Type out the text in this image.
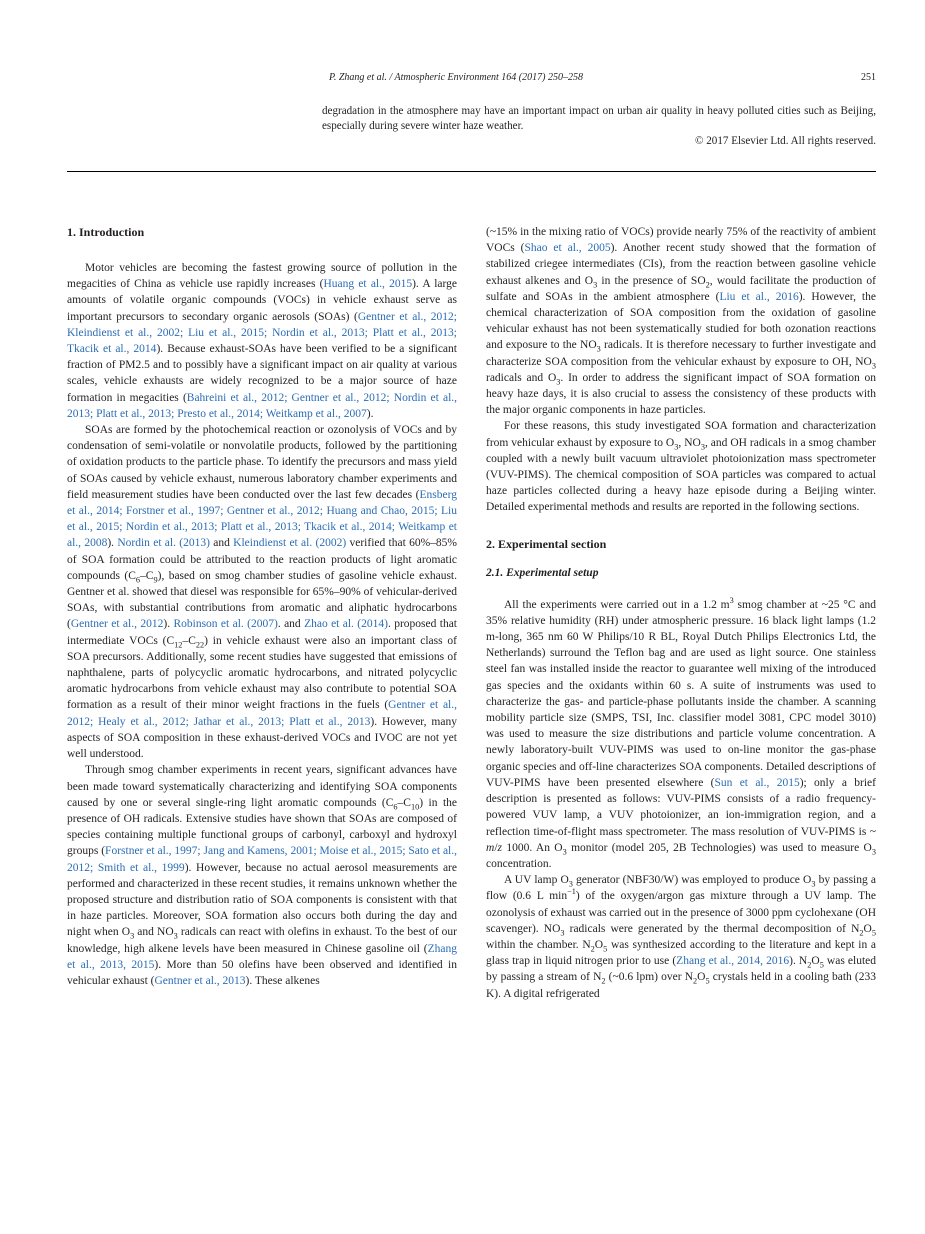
P. Zhang et al. / Atmospheric Environment 164 (2017) 250–258	251
degradation in the atmosphere may have an important impact on urban air quality in heavy polluted cities such as Beijing, especially during severe winter haze weather.
© 2017 Elsevier Ltd. All rights reserved.
1. Introduction

Motor vehicles are becoming the fastest growing source of pollution in the megacities of China as vehicle use rapidly increases (Huang et al., 2015). A large amounts of volatile organic compounds (VOCs) in vehicle exhaust serve as important precursors to secondary organic aerosols (SOAs) (Gentner et al., 2012; Kleindienst et al., 2002; Liu et al., 2015; Nordin et al., 2013; Platt et al., 2013; Tkacik et al., 2014). Because exhaust-SOAs have been verified to be a significant fraction of PM2.5 and to possibly have a significant impact on air quality at various scales, vehicle exhausts are widely recognized to be a major source of haze formation in megacities (Bahreini et al., 2012; Gentner et al., 2012; Nordin et al., 2013; Platt et al., 2013; Presto et al., 2014; Weitkamp et al., 2007).

SOAs are formed by the photochemical reaction or ozonolysis of VOCs and by condensation of semi-volatile or nonvolatile products, followed by the partitioning of oxidation products to the particle phase. To identify the precursors and mass yield of SOAs caused by vehicle exhaust, numerous laboratory chamber experiments and field measurement studies have been conducted over the last few decades (Ensberg et al., 2014; Forstner et al., 1997; Gentner et al., 2012; Huang and Chao, 2015; Liu et al., 2015; Nordin et al., 2013; Platt et al., 2013; Tkacik et al., 2014; Weitkamp et al., 2008). Nordin et al. (2013) and Kleindienst et al. (2002) verified that 60%–85% of SOA formation could be attributed to the reaction products of light aromatic compounds $(C_6-C_9)$, based on smog chamber studies of gasoline vehicle exhaust. Gentner et al. showed that diesel was responsible for 65%–90% of vehicular-derived SOAs, with substantial contributions from aromatic and aliphatic hydrocarbons (Gentner et al., 2012). Robinson et al. (2007). and Zhao et al. (2014). proposed that intermediate VOCs $(C_{12}-C_{22})$ in vehicle exhaust were also an important class of SOA precursors. Additionally, some recent studies have suggested that emissions of naphthalene, parts of polycyclic aromatic hydrocarbons, and nitrated polycyclic aromatic hydrocarbons from vehicle exhaust may also contribute to potential SOA formation as a result of their minor weight fractions in the fuels (Gentner et al., 2012; Healy et al., 2012; Jathar et al., 2013; Platt et al., 2013). However, many aspects of SOA composition in these exhaust-derived VOCs and IVOC are not yet well understood.

Through smog chamber experiments in recent years, significant advances have been made toward systematically characterizing and identifying SOA components caused by one or several single-ring light aromatic compounds $(C_6-C_{10})$ in the presence of OH radicals. Extensive studies have shown that SOAs are composed of species containing multiple functional groups of carbonyl, carboxyl and hydroxyl groups (Forstner et al., 1997; Jang and Kamens, 2001; Moise et al., 2015; Sato et al., 2012; Smith et al., 1999). However, because no actual aerosol measurements are performed and characterized in these recent studies, it remains unknown whether the proposed structure and distribution ratio of SOA components is consistent with that in haze particles. Moreover, SOA formation also occurs both during the day and night when $O_3$ and $NO_3$ radicals can react with olefins in exhaust. To the best of our knowledge, high alkene levels have been measured in Chinese gasoline oil (Zhang et al., 2013, 2015). More than 50 olefins have been observed and identified in vehicular exhaust (Gentner et al., 2013). These alkenes

(~15% in the mixing ratio of VOCs) provide nearly 75% of the reactivity of ambient VOCs (Shao et al., 2005). Another recent study showed that the formation of stabilized criegee intermediates (CIs), from the reaction between gasoline vehicle exhaust alkenes and $O_3$ in the presence of $SO_2$, would facilitate the production of sulfate and SOAs in the ambient atmosphere (Liu et al., 2016). However, the chemical characterization of SOA composition from the oxidation of gasoline vehicular exhaust has not been systematically studied for both ozonation reactions and exposure to the $NO_3$ radicals. It is therefore necessary to further investigate and characterize SOA composition from the vehicular exhaust by exposure to OH, $NO_3$ radicals and $O_3$. In order to address the significant impact of SOA formation on heavy haze days, it is also crucial to assess the consistency of these products with the major organic components in haze particles.

For these reasons, this study investigated SOA formation and characterization from vehicular exhaust by exposure to $O_3$, $NO_3$, and OH radicals in a smog chamber coupled with a newly built vacuum ultraviolet photoionization mass spectrometer (VUV-PIMS). The chemical composition of SOA particles was compared to actual haze particles collected during a heavy haze episode during a Beijing winter. Detailed experimental methods and results are reported in the following sections.

2. Experimental section
2.1. Experimental setup

All the experiments were carried out in a 1.2 $m^3$ smog chamber at ~25 °C and 35% relative humidity (RH) under atmospheric pressure. 16 black light lamps (1.2 m-long, 365 nm 60 W Philips/10 R BL, Royal Dutch Philips Electronics Ltd, the Netherlands) surround the Teflon bag and are used as light source. One stainless steel fan was installed inside the reactor to guarantee well mixing of the introduced gas species and the oxidants within 60 s. A suite of instruments was used to characterize the gas- and particle-phase pollutants inside the chamber. A scanning mobility particle size (SMPS, TSI, Inc. classifier model 3081, CPC model 3010) was used to measure the size distributions and particle volume concentration. A newly laboratory-built VUV-PIMS was used to on-line monitor the gas-phase organic species and off-line characterizes SOA components. Detailed descriptions of VUV-PIMS have been presented elsewhere (Sun et al., 2015); only a brief description is presented as follows: VUV-PIMS consists of a radio frequency-powered VUV lamp, a VUV photoionizer, an ion-immigration region, and a reflection time-of-flight mass spectrometer. The mass resolution of VUV-PIMS is ~ m/z 1000. An $O_3$ monitor (model 205, 2B Technologies) was used to measure $O_3$ concentration.

A UV lamp $O_3$ generator (NBF30/W) was employed to produce $O_3$ by passing a flow (0.6 L $\min^{-1}$) of the oxygen/argon gas mixture through a UV lamp. The ozonolysis of exhaust was carried out in the presence of 3000 ppm cyclohexane (OH scavenger). $NO_3$ radicals were generated by the thermal decomposition of $N_2O_5$ within the chamber. $N_2O_5$ was synthesized according to the literature and kept in a glass trap in liquid nitrogen prior to use (Zhang et al., 2014, 2016). $N_2O_5$ was eluted by passing a stream of $N_2$ (~0.6 lpm) over $N_2O_5$ crystals held in a cooling bath (233 K). A digital refrigerated
